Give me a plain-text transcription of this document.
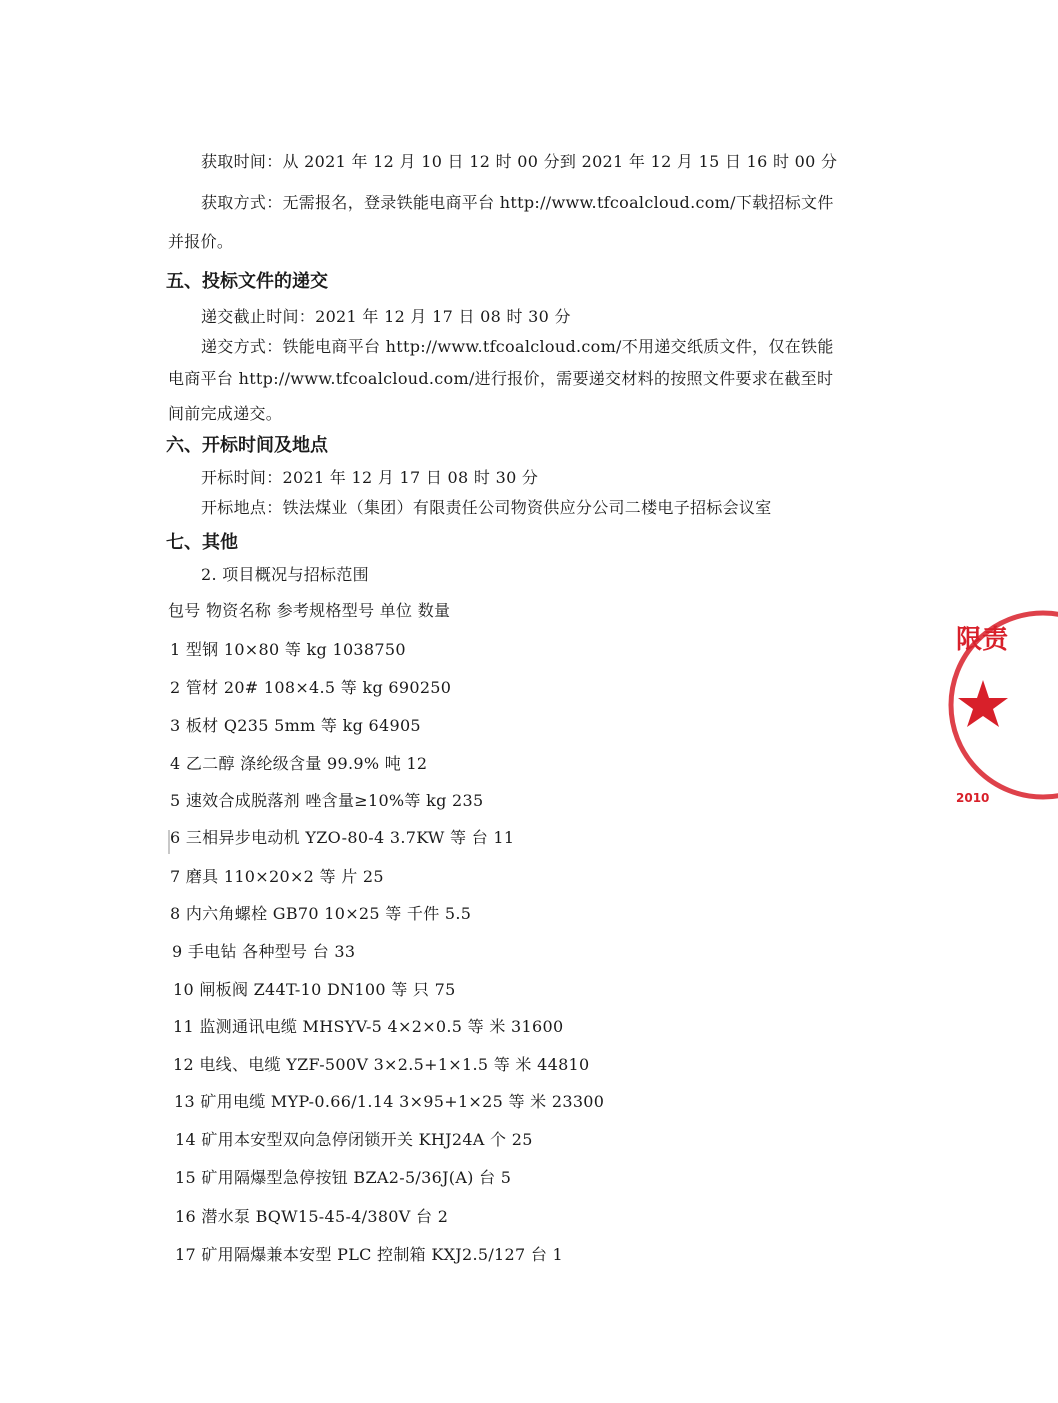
获取时间：从 2021 年 12 月 10 日 12 时 00 分到 2021 年 12 月 15 日 16 时 00 分
获取方式：无需报名，登录铁能电商平台 http://www.tfcoalcloud.com/下载招标文件
并报价。
五、投标文件的递交
递交截止时间：2021 年 12 月 17 日 08 时 30 分
递交方式：铁能电商平台 http://www.tfcoalcloud.com/不用递交纸质文件，仅在铁能
电商平台 http://www.tfcoalcloud.com/进行报价，需要递交材料的按照文件要求在截至时
间前完成递交。
六、开标时间及地点
开标时间：2021 年 12 月 17 日 08 时 30 分
开标地点：铁法煤业（集团）有限责任公司物资供应分公司二楼电子招标会议室
七、其他
2. 项目概况与招标范围
包号 物资名称 参考规格型号 单位 数量
1 型钢 10×80 等 kg 1038750
2 管材 20# 108×4.5 等 kg 690250
3 板材 Q235 5mm 等 kg 64905
4 乙二醇 涤纶级含量 99.9% 吨 12
5 速效合成脱落剂 唑含量≥10%等 kg 235
6 三相异步电动机 YZO-80-4 3.7KW 等 台 11
7 磨具 110×20×2 等 片 25
8 内六角螺栓 GB70 10×25 等 千件 5.5
9 手电钻 各种型号 台 33
10 闸板阀 Z44T-10 DN100 等 只 75
11 监测通讯电缆 MHSYV-5 4×2×0.5 等 米 31600
12 电线、电缆 YZF-500V 3×2.5+1×1.5 等 米 44810
13 矿用电缆 MYP-0.66/1.14 3×95+1×25 等 米 23300
14 矿用本安型双向急停闭锁开关 KHJ24A 个 25
15 矿用隔爆型急停按钮 BZA2-5/36J(A) 台 5
16 潜水泵 BQW15-45-4/380V 台 2
17 矿用隔爆兼本安型 PLC 控制箱 KXJ2.5/127 台 1
限责
2010
